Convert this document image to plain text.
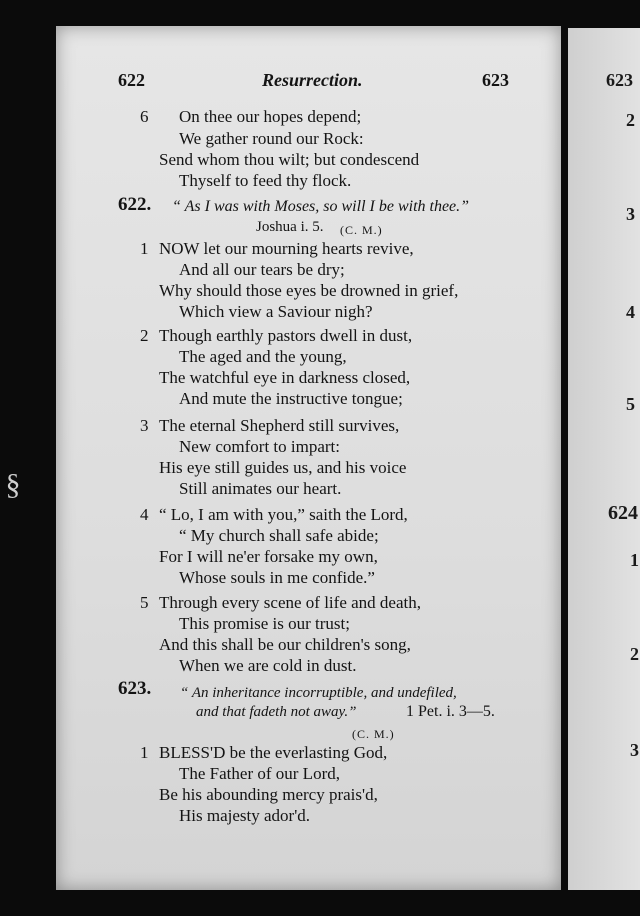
§
622	Resurrection.	623
6 On thee our hopes depend;
We gather round our Rock:
Send whom thou wilt; but condescend
Thyself to feed thy flock.
622. “ As I was with Moses, so will I be with thee.”
Joshua i. 5. (C. M.)
1 NOW let our mourning hearts revive,
And all our tears be dry;
Why should those eyes be drowned in grief,
Which view a Saviour nigh?
2 Though earthly pastors dwell in dust,
The aged and the young,
The watchful eye in darkness closed,
And mute the instructive tongue;
3 The eternal Shepherd still survives,
New comfort to impart:
His eye still guides us, and his voice
Still animates our heart.
4 “ Lo, I am with you,” saith the Lord,
“ My church shall safe abide;
For I will ne'er forsake my own,
Whose souls in me confide.”
5 Through every scene of life and death,
This promise is our trust;
And this shall be our children's song,
When we are cold in dust.
623. “ An inheritance incorruptible, and undefiled,
and that fadeth not away.”	1 Pet. i. 3—5.
(C. M.)
1 BLESS'D be the everlasting God,
The Father of our Lord,
Be his abounding mercy prais'd,
His majesty ador'd.
623
2
3
4
5
624
1
2
3
